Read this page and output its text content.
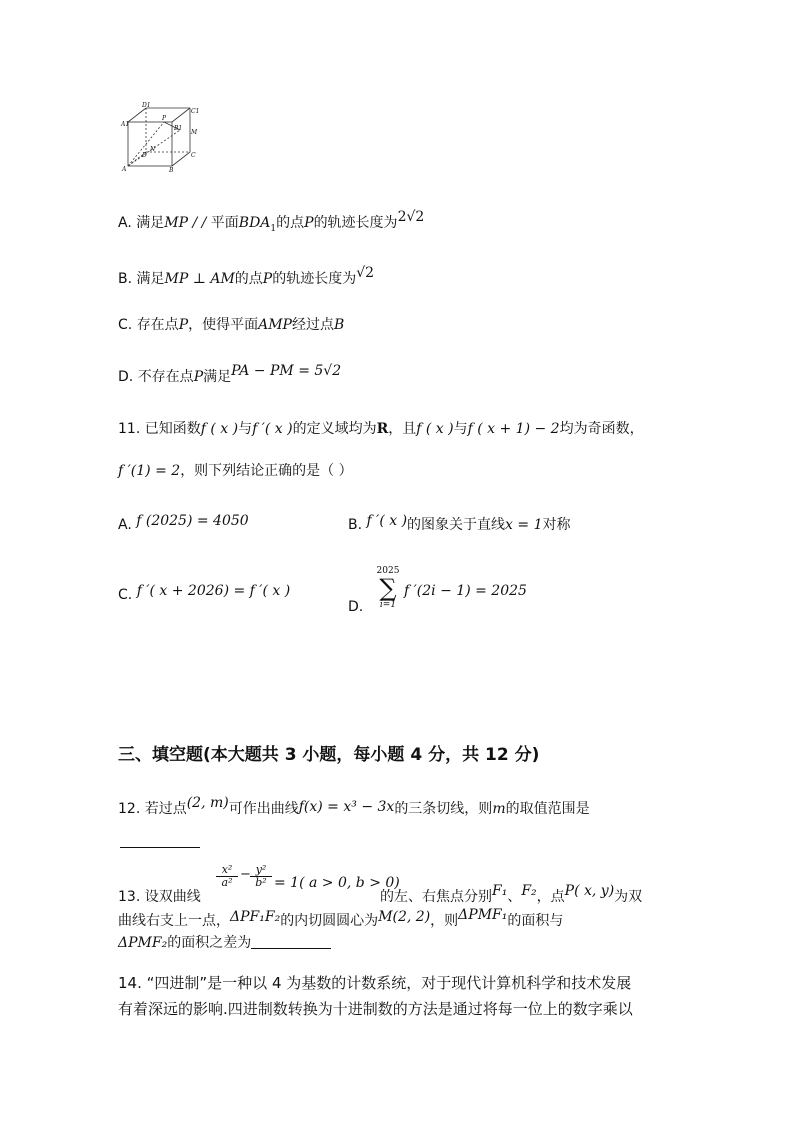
D1
C1
A1
B1
M
P
N
D	C
A	B
A. 满足MP / / 平面$BDA_1$的点P的轨迹长度为2√2
B. 满足MP ⊥ AM的点P的轨迹长度为√2
C. 存在点P，使得平面AMP经过点B
D. 不存在点P满足PA − PM = 5√2
11. 已知函数f ( x )与f ′( x )的定义域均为R，且f ( x )与f ( x + 1) − 2均为奇函数，
f ′(1) = 2，则下列结论正确的是（ ）
A. f (2025) = 4050	B. f ′( x )的图象关于直线x = 1对称
C. f ′( x + 2026) = f ′( x )
D.
2025
∑
i=1
f ′(2i − 1) = 2025
三、填空题(本大题共 3 小题，每小题 4 分，共 12 分)
12. 若过点(2, m)可作出曲线f(x) = x³ − 3x的三条切线，则m的取值范围是
13. 设双曲线
x²
a²
− y²
b² = 1( a > 0, b > 0)
的左、右焦点分别F₁、F₂，点P( x, y)为双
曲线右支上一点，ΔPF₁F₂的内切圆圆心为M(2, 2)，则ΔPMF₁的面积与
ΔPMF₂的面积之差为
14. “四进制”是一种以 4 为基数的计数系统，对于现代计算机科学和技术发展
有着深远的影响.四进制数转换为十进制数的方法是通过将每一位上的数字乘以
